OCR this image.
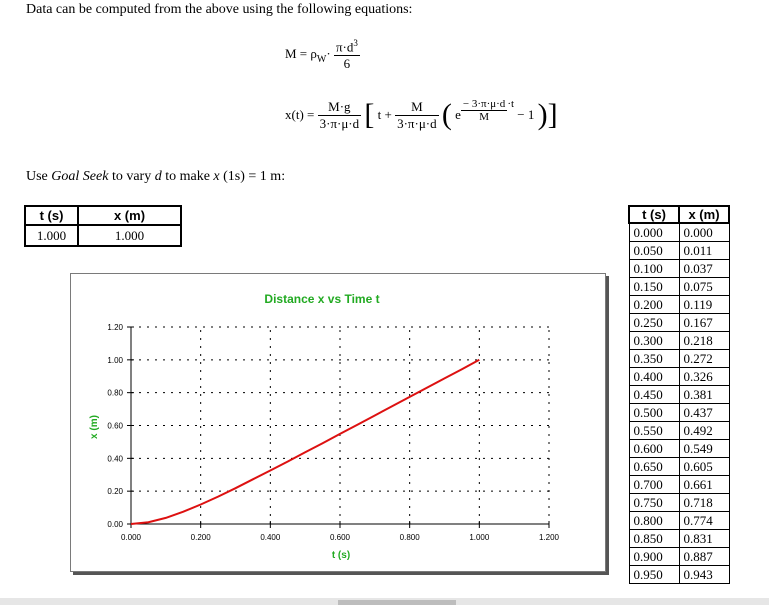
Data can be computed from the above using the following equations:
$M = \rho_W\cdot \frac{\pi\cdot d^3}{6}$
$x(t) = \frac{M\cdot g}{3\cdot\pi\cdot\mu\cdot d}$ [ $t + \frac{M}{3\cdot\pi\cdot\mu\cdot d}$ ( e $\frac{- 3\cdot\pi\cdot\mu\cdot d}{M} ^{\cdot t} - 1$ )]
Use Goal Seek to vary d to make x (1s) = 1 m:
t (s)	x (m)
1.000	1.000
t (s)	x (m)
0.000	0.000
0.050	0.011
0.100	0.037
0.150	0.075
0.200	0.119
0.250	0.167
0.300	0.218
0.350	0.272
0.400	0.326
0.450	0.381
0.500	0.437
0.550	0.492
0.600	0.549
0.650	0.605
0.700	0.661
0.750	0.718
0.800	0.774
0.850	0.831
0.900	0.887
0.950	0.943
Distance x vs Time t
t (s)
x (m)
0.00
0.20
0.40
0.60
0.80
1.00
1.20
0.000	0.200	0.400	0.600	0.800	1.000	1.200
